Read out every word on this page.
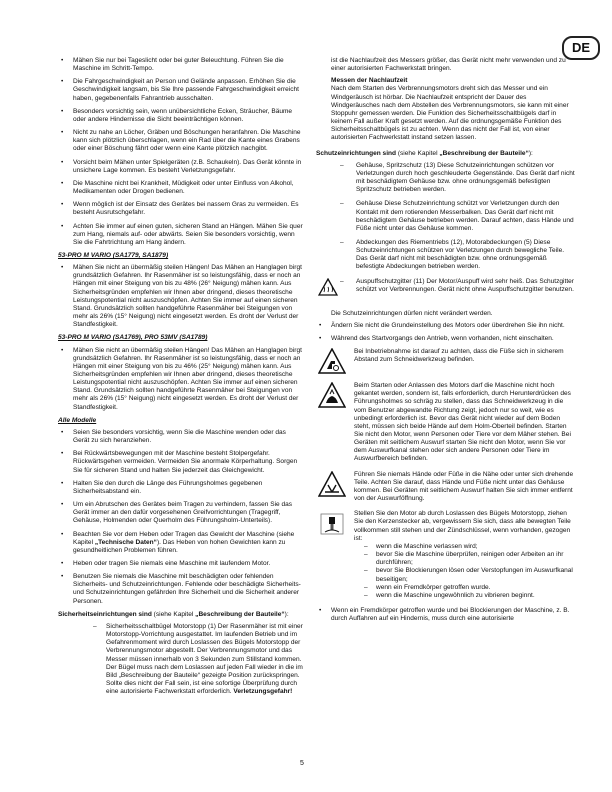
DE
• Mähen Sie nur bei Tageslicht oder bei guter Beleuchtung. Führen Sie die Maschine im Schritt-Tempo.
• Die Fahrgeschwindigkeit an Person und Gelände anpassen. Erhöhen Sie die Geschwindigkeit langsam, bis Sie Ihre passende Fahrgeschwindigkeit erreicht haben, gegebenenfalls Fahrantrieb ausschalten.
• Besonders vorsichtig sein, wenn unübersichtliche Ecken, Sträucher, Bäume oder andere Hindernisse die Sicht beeinträchtigen können.
• Nicht zu nahe an Löcher, Gräben und Böschungen heranfahren. Die Maschine kann sich plötzlich überschlagen, wenn ein Rad über die Kante eines Grabens oder einer Böschung fährt oder wenn eine Kante plötzlich nachgibt.
• Vorsicht beim Mähen unter Spielgeräten (z.B. Schaukeln). Das Gerät könnte in unsichere Lage kommen. Es besteht Verletzungsgefahr.
• Die Maschine nicht bei Krankheit, Müdigkeit oder unter Einfluss von Alkohol, Medikamenten oder Drogen bedienen.
• Wenn möglich ist der Einsatz des Gerätes bei nassem Gras zu vermeiden. Es besteht Ausrutschgefahr.
• Achten Sie immer auf einen guten, sicheren Stand an Hängen. Mähen Sie quer zum Hang, niemals auf- oder abwärts. Seien Sie besonders vorsichtig, wenn Sie die Fahrtrichtung am Hang ändern.
53-PRO M VARIO (SA1779, SA1879)
• Mähen Sie nicht an übermäßig steilen Hängen! Das Mähen an Hanglagen birgt grundsätzlich Gefahren. Ihr Rasenmäher ist so leistungsfähig, dass er noch an Hängen mit einer Steigung von bis zu 48% (26° Neigung) mähen kann. Aus Sicherheitsgründen empfehlen wir Ihnen aber dringend, dieses theoretische Leistungspotential nicht auszuschöpfen. Achten Sie immer auf einen sicheren Stand. Grundsätzlich sollten handgeführte Rasenmäher bei Steigungen von mehr als 26% (15° Neigung) nicht eingesetzt werden. Es droht der Verlust der Standfestigkeit.
53-PRO M VARIO (SA1769), PRO 53MV (SA1789)
• Mähen Sie nicht an übermäßig steilen Hängen! Das Mähen an Hanglagen birgt grundsätzlich Gefahren. Ihr Rasenmäher ist so leistungsfähig, dass er noch an Hängen mit einer Steigung von bis zu 46% (25° Neigung) mähen kann. Aus Sicherheitsgründen empfehlen wir Ihnen aber dringend, dieses theoretische Leistungspotential nicht auszuschöpfen. Achten Sie immer auf einen sicheren Stand. Grundsätzlich sollten handgeführte Rasenmäher bei Steigungen von mehr als 26% (15° Neigung) nicht eingesetzt werden. Es droht der Verlust der Standfestigkeit.
Alle Modelle
• Seien Sie besonders vorsichtig, wenn Sie die Maschine wenden oder das Gerät zu sich heranziehen.
• Bei Rückwärtsbewegungen mit der Maschine besteht Stolpergefahr. Rückwärtsgehen vermeiden. Vermeiden Sie anormale Körperhaltung. Sorgen Sie für sicheren Stand und halten Sie jederzeit das Gleichgewicht.
• Halten Sie den durch die Länge des Führungsholmes gegebenen Sicherheitsabstand ein.
• Um ein Abrutschen des Gerätes beim Tragen zu verhindern, fassen Sie das Gerät immer an den dafür vorgesehenen Greifvorrichtungen (Tragegriff, Gehäuse, Holmenden oder Querholm des Führungsholm-Unterteils).
• Beachten Sie vor dem Heben oder Tragen das Gewicht der Maschine (siehe Kapitel „Technische Daten“). Das Heben von hohen Gewichten kann zu gesundheitlichen Problemen führen.
• Heben oder tragen Sie niemals eine Maschine mit laufendem Motor.
• Benutzen Sie niemals die Maschine mit beschädigten oder fehlenden Sicherheits- und Schutzeinrichtungen. Fehlende oder beschädigte Sicherheits- und Schutzeinrichtungen gefährden Ihre Sicherheit und die Sicherheit anderer Personen.
Sicherheitseinrichtungen sind (siehe Kapitel „Beschreibung der Bauteile“):
– Sicherheitsschaltbügel Motorstopp (1) Der Rasenmäher ist mit einer Motorstopp-Vorrichtung ausgestattet. Im laufenden Betrieb und im Gefahrenmoment wird durch Loslassen des Bügels Motorstopp der Verbrennungsmotor abgestellt. Der Verbrennungsmotor und das Messer müssen innerhalb von 3 Sekunden zum Stillstand kommen. Der Bügel muss nach dem Loslassen auf jeden Fall wieder in die im Bild „Beschreibung der Bauteile“ gezeigte Position zurückspringen. Sollte dies nicht der Fall sein, ist eine sofortige Überprüfung durch eine autorisierte Fachwerkstatt erforderlich. Verletzungsgefahr!
ist die Nachlaufzeit des Messers größer, das Gerät nicht mehr verwenden und zu einer autorisierten Fachwerkstatt bringen.
Messen der Nachlaufzeit
Nach dem Starten des Verbrennungsmotors dreht sich das Messer und ein Windgeräusch ist hörbar. Die Nachlaufzeit entspricht der Dauer des Windgeräusches nach dem Abstellen des Verbrennungsmotors, sie kann mit einer Stoppuhr gemessen werden. Die Funktion des Sicherheitsschaltbügels darf in keinem Fall außer Kraft gesetzt werden. Auf die ordnungsgemäße Funktion des Sicherheitsschaltbügels ist zu achten. Wenn das nicht der Fall ist, von einer autorisierten Fachwerkstatt instand setzen lassen.
Schutzeinrichtungen sind (siehe Kapitel „Beschreibung der Bauteile“):
– Gehäuse, Spritzschutz (13) Diese Schutzeinrichtungen schützen vor Verletzungen durch hoch geschleuderte Gegenstände. Das Gerät darf nicht mit beschädigtem Gehäuse bzw. ohne ordnungsgemäß befestigten Spritzschutz betrieben werden.
– Gehäuse Diese Schutzeinrichtung schützt vor Verletzungen durch den Kontakt mit dem rotierenden Messerbalken. Das Gerät darf nicht mit beschädigtem Gehäuse betrieben werden. Darauf achten, dass Hände und Füße nicht unter das Gehäuse kommen.
– Abdeckungen des Riementriebs (12), Motorabdeckungen (5) Diese Schutzeinrichtungen schützen vor Verletzungen durch bewegliche Teile. Das Gerät darf nicht mit beschädigten bzw. ohne ordnungsgemäß befestigte Abdeckungen betrieben werden.
– Auspuffschutzgitter (11) Der Motor/Auspuff wird sehr heiß. Das Schutzgitter schützt vor Verbrennungen. Gerät nicht ohne Auspuffschutzgitter benutzen.
Die Schutzeinrichtungen dürfen nicht verändert werden.
• Ändern Sie nicht die Grundeinstellung des Motors oder überdrehen Sie ihn nicht.
• Während des Startvorgangs den Antrieb, wenn vorhanden, nicht einschalten.
Bei Inbetriebnahme ist darauf zu achten, dass die Füße sich in sicherem Abstand zum Schneidwerkzeug befinden.
Beim Starten oder Anlassen des Motors darf die Maschine nicht hoch gekantet werden, sondern ist, falls erforderlich, durch Herunterdrücken des Führungsholmes so schräg zu stellen, dass das Schneidwerkzeug in die vom Benutzer abgewandte Richtung zeigt, jedoch nur so weit, wie es unbedingt erforderlich ist. Bevor das Gerät nicht wieder auf dem Boden steht, müssen sich beide Hände auf dem Holm-Oberteil befinden. Starten Sie nicht den Motor, wenn Personen oder Tiere vor dem Mäher stehen. Bei Geräten mit seitlichem Auswurf starten Sie nicht den Motor, wenn Sie vor dem Auswurfkanal stehen oder sich andere Personen oder Tiere im Auswurfbereich befinden.
Führen Sie niemals Hände oder Füße in die Nähe oder unter sich drehende Teile. Achten Sie darauf, dass Hände und Füße nicht unter das Gehäuse kommen. Bei Geräten mit seitlichem Auswurf halten Sie sich immer entfernt von der Auswurföffnung.
Stellen Sie den Motor ab durch Loslassen des Bügels Motorstopp, ziehen Sie den Kerzenstecker ab, vergewissern Sie sich, dass alle bewegten Teile vollkommen still stehen und der Zündschlüssel, wenn vorhanden, gezogen ist:
– wenn die Maschine verlassen wird;
– bevor Sie die Maschine überprüfen, reinigen oder Arbeiten an ihr durchführen;
– bevor Sie Blockierungen lösen oder Verstopfungen im Auswurfkanal beseitigen;
– wenn ein Fremdkörper getroffen wurde.
– wenn die Maschine ungewöhnlich zu vibrieren beginnt.
• Wenn ein Fremdkörper getroffen wurde und bei Blockierungen der Maschine, z. B. durch Auffahren auf ein Hindernis, muss durch eine autorisierte
5
